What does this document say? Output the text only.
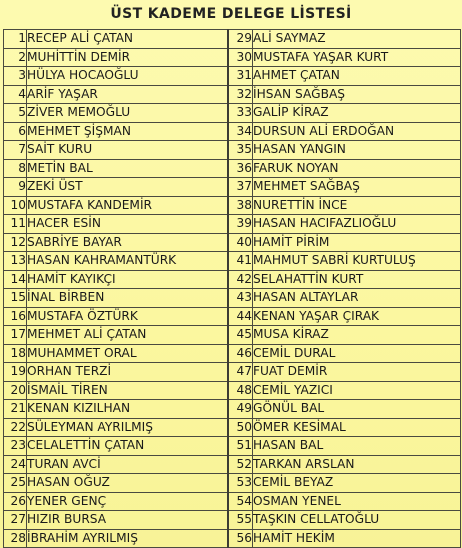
ÜST KADEME DELEGE LİSTESİ
1	RECEP ALİ ÇATAN	29	ALİ SAYMAZ
2	MUHİTTİN DEMİR	30	MUSTAFA YAŞAR KURT
3	HÜLYA HOCAOĞLU	31	AHMET ÇATAN
4	ARİF YAŞAR	32	İHSAN SAĞBAŞ
5	ZİVER MEMOĞLU	33	GALİP KİRAZ
6	MEHMET ŞİŞMAN	34	DURSUN ALİ ERDOĞAN
7	SAİT KURU	35	HASAN YANGIN
8	METİN BAL	36	FARUK NOYAN
9	ZEKİ ÜST	37	MEHMET SAĞBAŞ
10	MUSTAFA KANDEMİR	38	NURETTİN İNCE
11	HACER ESİN	39	HASAN HACIFAZLIOĞLU
12	SABRİYE BAYAR	40	HAMİT PİRİM
13	HASAN KAHRAMANTÜRK	41	MAHMUT SABRİ KURTULUŞ
14	HAMİT KAYIKÇI	42	SELAHATTİN KURT
15	İNAL BİRBEN	43	HASAN ALTAYLAR
16	MUSTAFA ÖZTÜRK	44	KENAN YAŞAR ÇIRAK
17	MEHMET ALİ ÇATAN	45	MUSA KİRAZ
18	MUHAMMET ORAL	46	CEMİL DURAL
19	ORHAN TERZİ	47	FUAT DEMİR
20	İSMAİL TİREN	48	CEMİL YAZICI
21	KENAN KIZILHAN	49	GÖNÜL BAL
22	SÜLEYMAN AYRILMIŞ	50	ÖMER KESİMAL
23	CELALETTİN ÇATAN	51	HASAN BAL
24	TURAN AVCİ	52	TARKAN ARSLAN
25	HASAN OĞUZ	53	CEMİL BEYAZ
26	YENER GENÇ	54	OSMAN YENEL
27	HIZIR BURSA	55	TAŞKIN CELLATOĞLU
28	İBRAHİM AYRILMIŞ	56	HAMİT HEKİM
